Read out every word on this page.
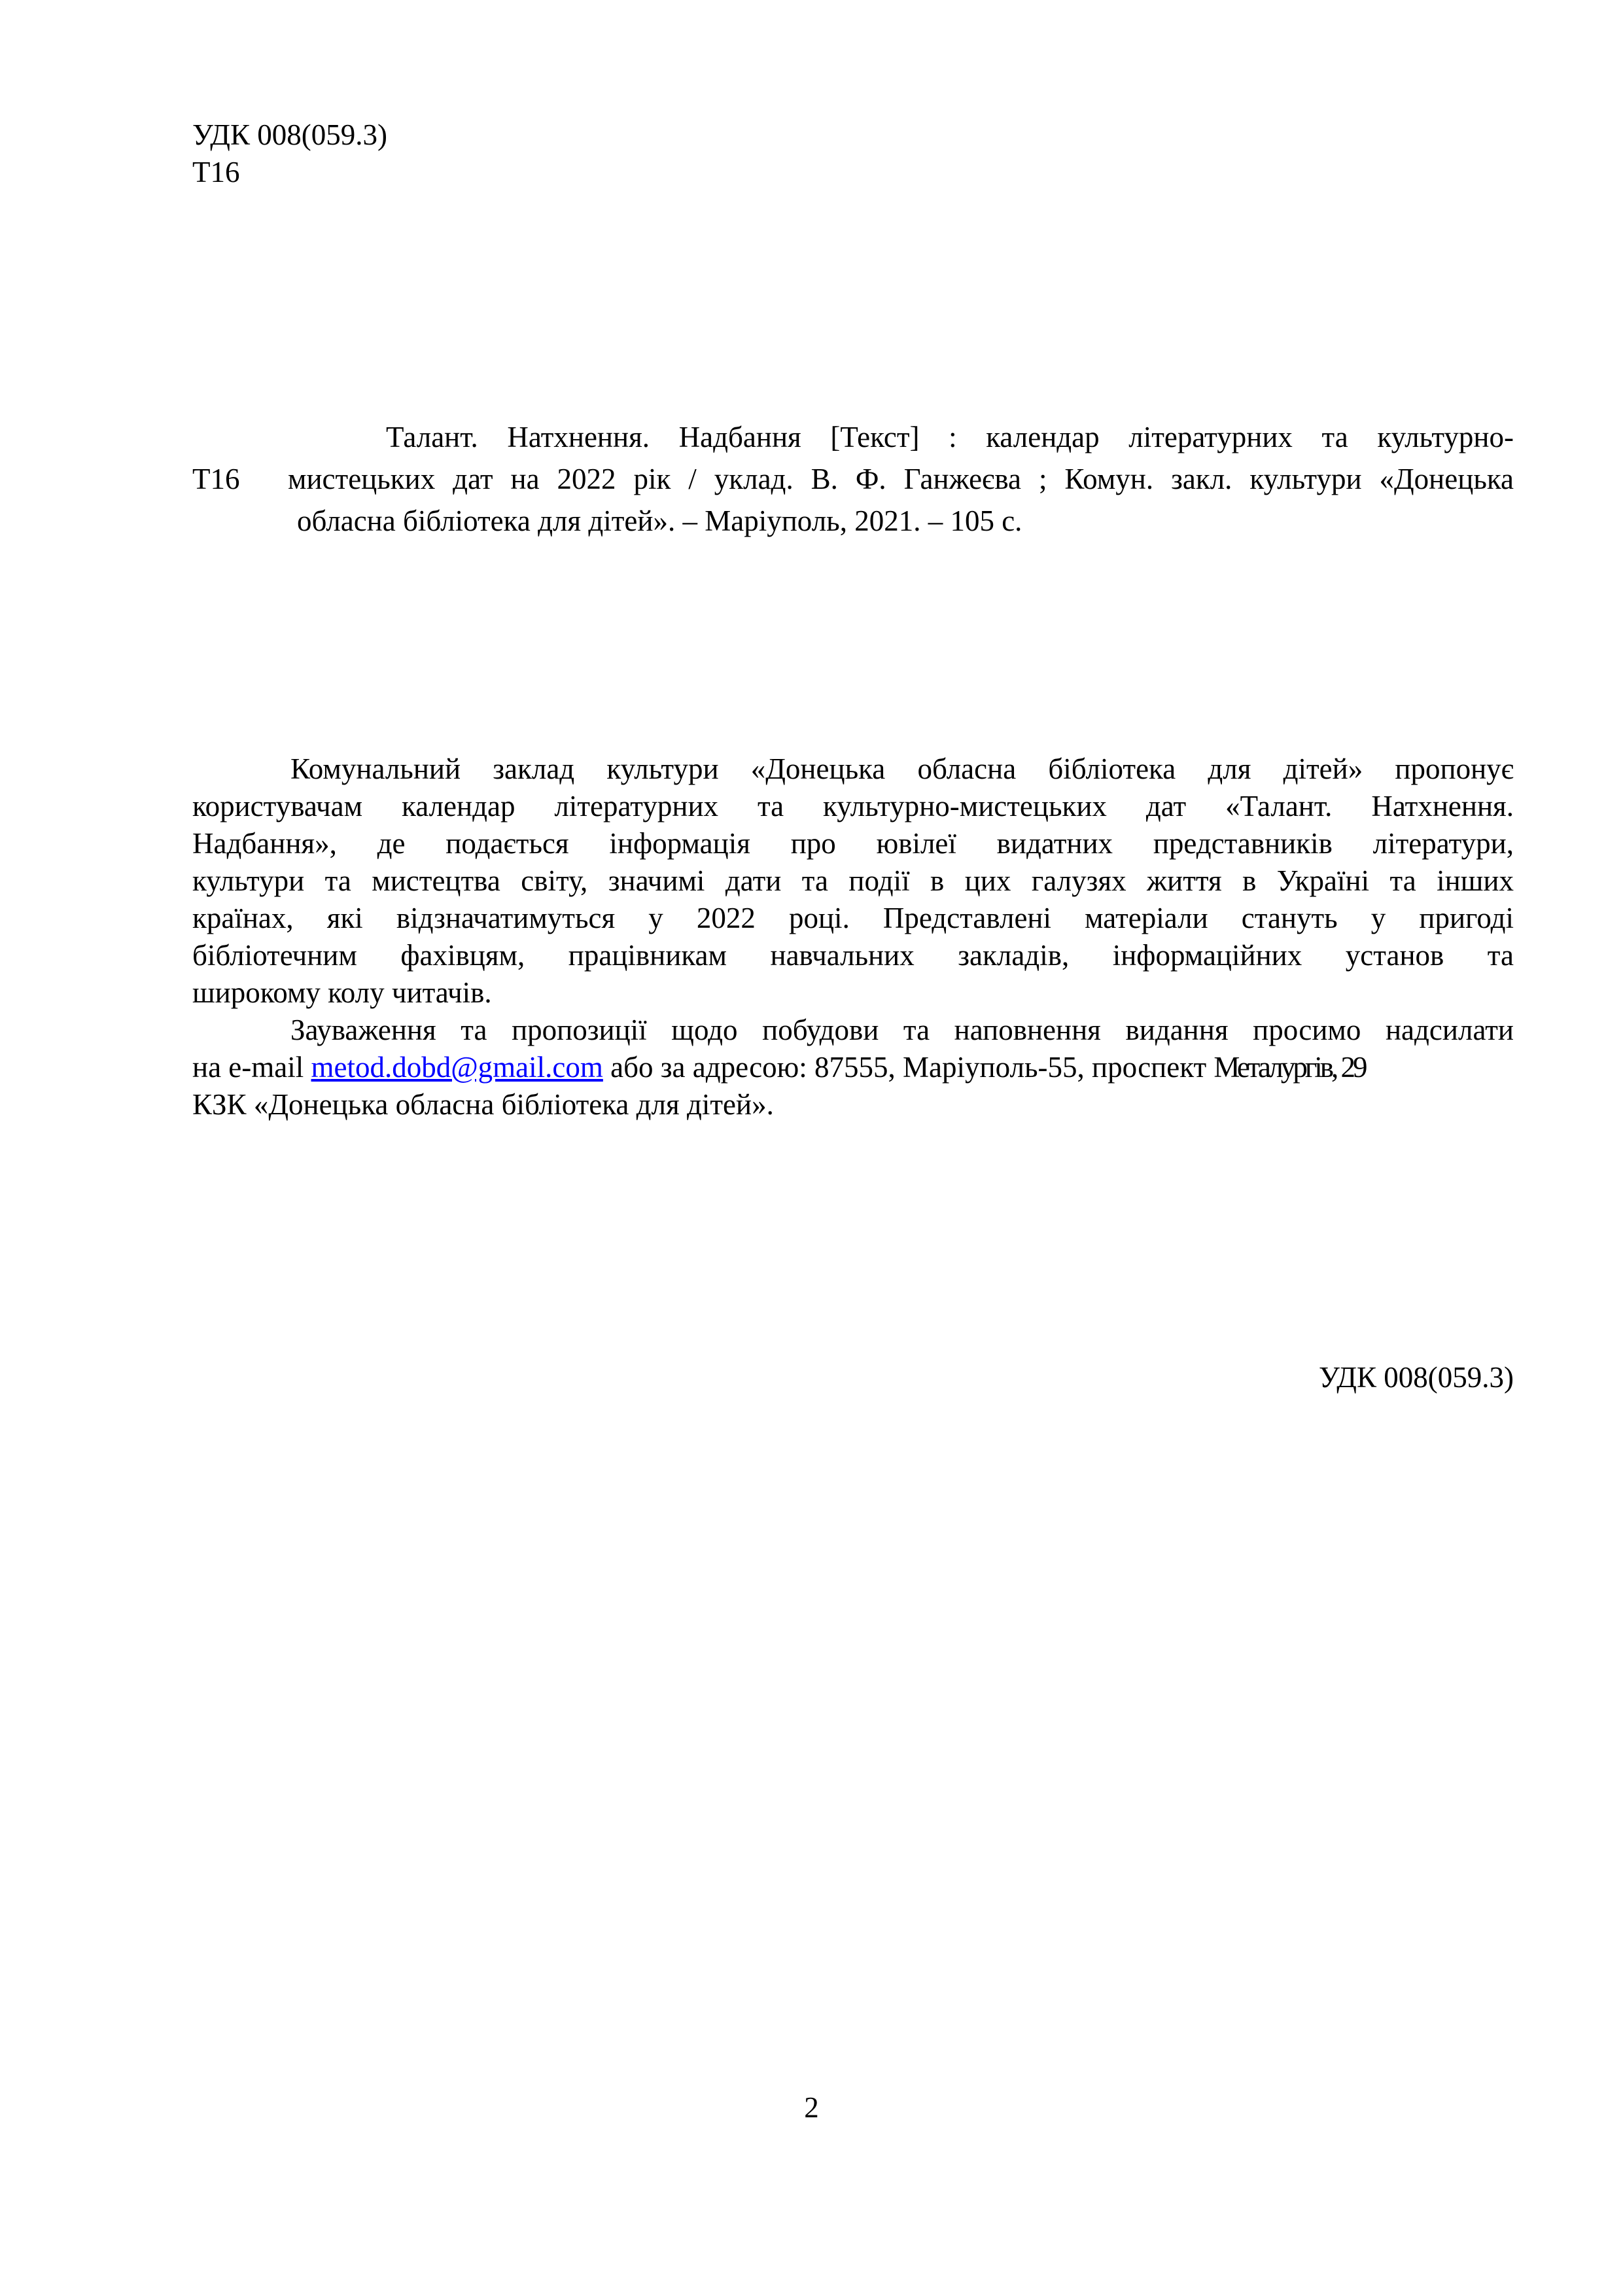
УДК 008(059.3)
Т16
Т16
Талант. Натхнення. Надбання [Текст] : календар літературних та культурно-
мистецьких дат на 2022 рік / уклад. В. Ф. Ганжеєва ; Комун. закл. культури «Донецька
обласна бібліотека для дітей». – Маріуполь, 2021. – 105 с.
Комунальний заклад культури «Донецька обласна бібліотека для дітей» пропонує
користувачам календар літературних та культурно-мистецьких дат «Талант. Натхнення.
Надбання», де подається інформація про ювілеї видатних представників літератури,
культури та мистецтва світу, значимі дати та події в цих галузях життя в Україні та інших
країнах, які відзначатимуться у 2022 році. Представлені матеріали стануть у пригоді
бібліотечним фахівцям, працівникам навчальних закладів, інформаційних установ та
широкому колу читачів.
Зауваження та пропозиції щодо побудови та наповнення видання просимо надсилати
на e-mail metod.dobd@gmail.com або за адресою: 87555, Маріуполь-55, проспект Металургів, 29
КЗК «Донецька обласна бібліотека для дітей».
УДК 008(059.3)
2
